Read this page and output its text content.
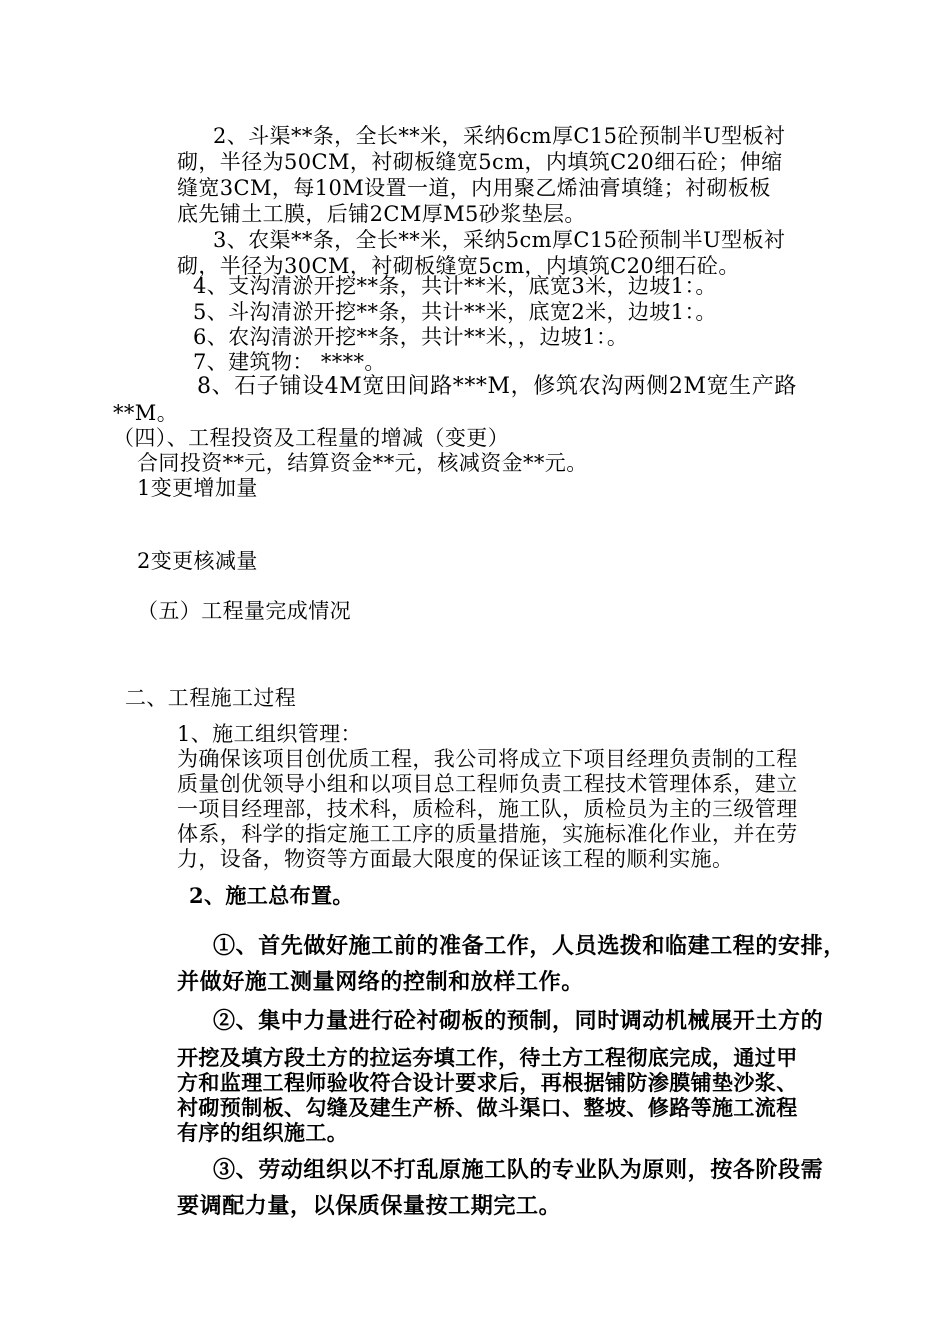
2、斗渠**条，全长**米，采纳6cm厚C15砼预制半U型板衬
砌，半径为50CM，衬砌板缝宽5cm，内填筑C20细石砼；伸缩
缝宽3CM，每10M设置一道，内用聚乙烯油膏填缝；衬砌板板
底先铺土工膜，后铺2CM厚M5砂浆垫层。
3、农渠**条，全长**米，采纳5cm厚C15砼预制半U型板衬
砌，半径为30CM，衬砌板缝宽5cm，内填筑C20细石砼。
4、支沟清淤开挖**条，共计**米，底宽3米，边坡1：。
5、斗沟清淤开挖**条，共计**米，底宽2米，边坡1：。
6、农沟清淤开挖**条，共计**米，，边坡1：。
7、建筑物： ****。
8、石子铺设4M宽田间路***M，修筑农沟两侧2M宽生产路
**M。
（四）、工程投资及工程量的增减（变更）
合同投资**元，结算资金**元，核减资金**元。
1变更增加量
2变更核减量
（五）工程量完成情况
二、工程施工过程
1、施工组织管理：
为确保该项目创优质工程，我公司将成立下项目经理负责制的工程
质量创优领导小组和以项目总工程师负责工程技术管理体系，建立
一项目经理部，技术科，质检科，施工队，质检员为主的三级管理
体系，科学的指定施工工序的质量措施，实施标准化作业，并在劳
力，设备，物资等方面最大限度的保证该工程的顺利实施。
2、施工总布置。
①、首先做好施工前的准备工作，人员选拨和临建工程的安排，
并做好施工测量网络的控制和放样工作。
②、集中力量进行砼衬砌板的预制，同时调动机械展开土方的
开挖及填方段土方的拉运夯填工作，待土方工程彻底完成，通过甲
方和监理工程师验收符合设计要求后，再根据铺防渗膜铺垫沙浆、
衬砌预制板、勾缝及建生产桥、做斗渠口、整坡、修路等施工流程
有序的组织施工。
③、劳动组织以不打乱原施工队的专业队为原则，按各阶段需
要调配力量，以保质保量按工期完工。
